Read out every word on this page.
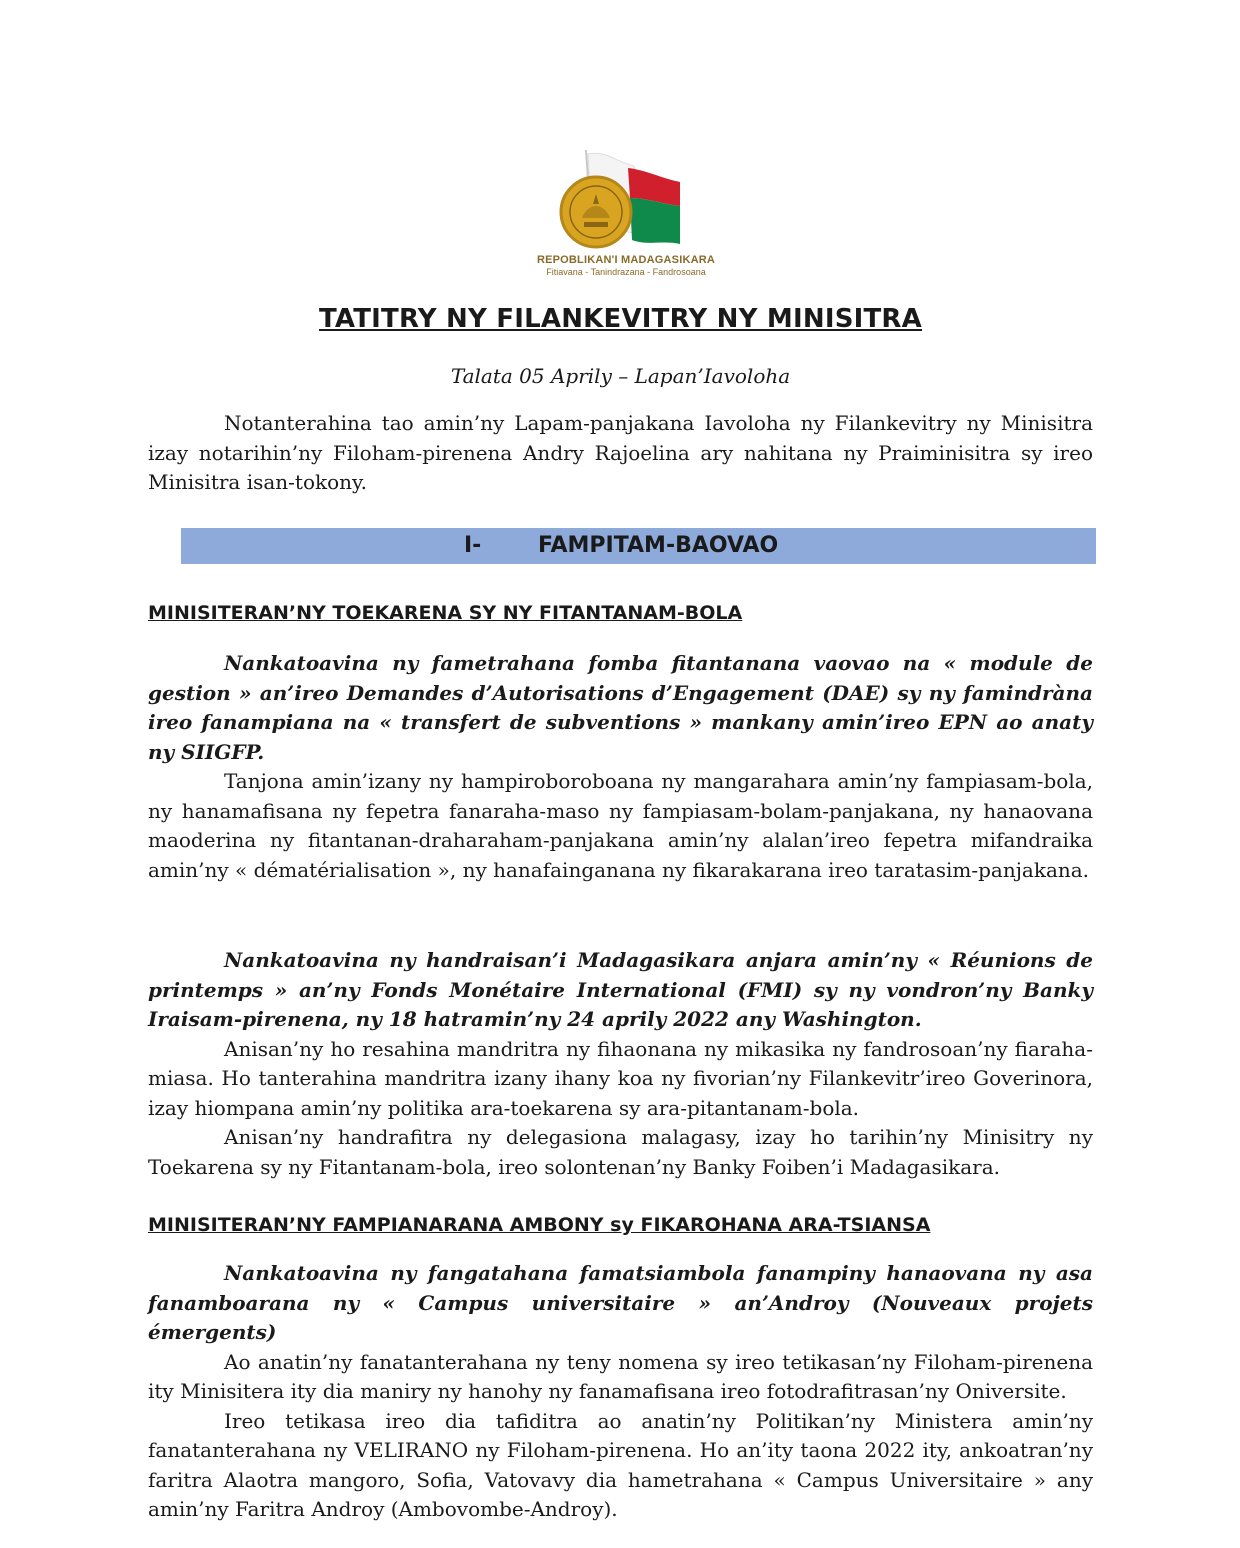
REPOBLIKAN'I MADAGASIKARA
Fitiavana - Tanindrazana - Fandrosoana
TATITRY NY FILANKEVITRY NY MINISITRA
Talata 05 Aprily – Lapan’Iavoloha

Notanterahina tao amin’ny Lapam-panjakana Iavoloha ny Filankevitry ny Minisitra izay notarihin’ny Filoham-pirenena Andry Rajoelina ary nahitana ny Praiminisitra sy ireo Minisitra isan-tokony.

I-	FAMPITAM-BAOVAO
MINISITERAN’NY TOEKARENA SY NY FITANTANAM-BOLA

Nankatoavina ny fametrahana fomba fitantanana vaovao na « module de gestion » an’ireo Demandes d’Autorisations d’Engagement (DAE) sy ny famindràna ireo fanampiana na « transfert de subventions » mankany amin’ireo EPN ao anaty ny SIIGFP.

Tanjona amin’izany ny hampiroboroboana ny mangarahara amin’ny fampiasam-bola, ny hanamafisana ny fepetra fanaraha-maso ny fampiasam-bolam-panjakana, ny hanaovana maoderina ny fitantanan-draharaham-panjakana amin’ny alalan’ireo fepetra mifandraika amin’ny « dématérialisation », ny hanafainganana ny fikarakarana ireo taratasim-panjakana.

Nankatoavina ny handraisan’i Madagasikara anjara amin’ny « Réunions de printemps » an’ny Fonds Monétaire International (FMI) sy ny vondron’ny Banky Iraisam-pirenena, ny 18 hatramin’ny 24 aprily 2022 any Washington.

Anisan’ny ho resahina mandritra ny fihaonana ny mikasika ny fandrosoan’ny fiaraha-miasa. Ho tanterahina mandritra izany ihany koa ny fivorian’ny Filankevitr’ireo Goverinora, izay hiompana amin’ny politika ara-toekarena sy ara-pitantanam-bola.

Anisan’ny handrafitra ny delegasiona malagasy, izay ho tarihin’ny Minisitry ny Toekarena sy ny Fitantanam-bola, ireo solontenan’ny Banky Foiben’i Madagasikara.

MINISITERAN’NY FAMPIANARANA AMBONY sy FIKAROHANA ARA-TSIANSA

Nankatoavina ny fangatahana famatsiambola fanampiny hanaovana ny asa fanamboarana ny « Campus universitaire » an’Androy (Nouveaux projets émergents)

Ao anatin’ny fanatanterahana ny teny nomena sy ireo tetikasan’ny Filoham-pirenena ity Minisitera ity dia maniry ny hanohy ny fanamafisana ireo fotodrafitrasan’ny Oniversite.

Ireo tetikasa ireo dia tafiditra ao anatin’ny Politikan’ny Ministera amin’ny fanatanterahana ny VELIRANO ny Filoham-pirenena. Ho an’ity taona 2022 ity, ankoatran’ny faritra Alaotra mangoro, Sofia, Vatovavy dia hametrahana « Campus Universitaire » any amin’ny Faritra Androy (Ambovombe-Androy).
